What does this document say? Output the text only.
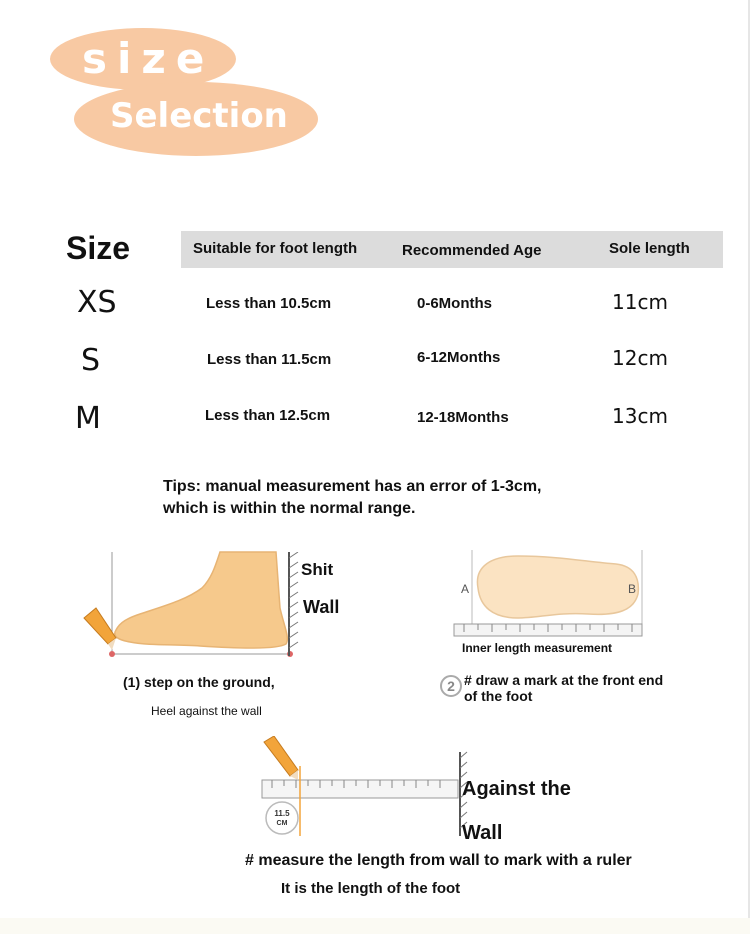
size
Selection
Size	Suitable for foot length	Recommended Age	Sole length
XS	Less than 10.5cm	0-6Months	11cm
S	Less than 11.5cm	6-12Months	12cm
M	Less than 12.5cm	12-18Months	13cm
Tips: manual measurement has an error of 1-3cm,
which is within the normal range.
Shit
Wall
(1) step on the ground,
Heel against the wall
A	B
Inner length measurement
2 # draw a mark at the front end
of the foot
11.5
CM
Against the
Wall
# measure the length from wall to mark with a ruler
It is the length of the foot
